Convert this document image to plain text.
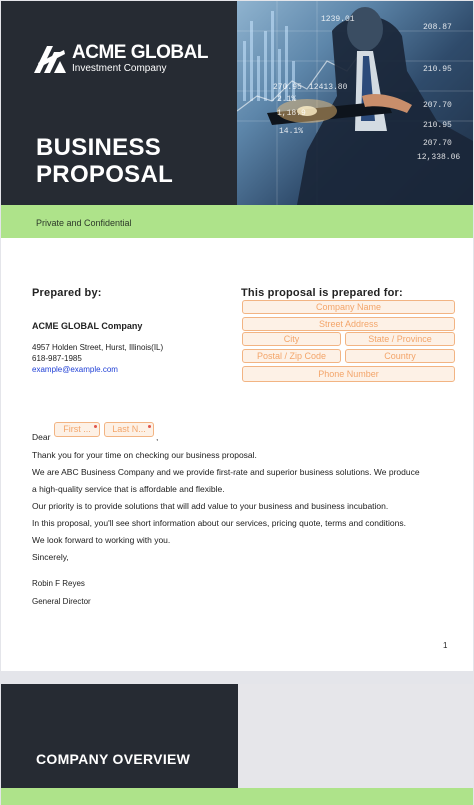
208.87
1239.01
210.95
270.95 12413.80
207.70
210.95
207.70
12,338.06
14.1%
2.1%
1,18.9
ACME GLOBAL
Investment Company
BUSINESS
PROPOSAL
Private and Confidential
Prepared by:
ACME GLOBAL Company
4957 Holden Street, Hurst, Illinois(IL)
618-987-1985
example@example.com
This proposal is prepared for:
Company Name
Street Address
City	State / Province
Postal / Zip Code	Country
Phone Number
Dear
First ...	Last N...
,
Thank you for your time on checking our business proposal.
We are ABC Business Company and we provide first-rate and superior business solutions. We produce
a high-quality service that is affordable and flexible.
Our priority is to provide solutions that will add value to your business and business incubation.
In this proposal, you'll see short information about our services, pricing quote, terms and conditions.
We look forward to working with you.
Sincerely,
Robin F Reyes
General Director
1
COMPANY OVERVIEW
